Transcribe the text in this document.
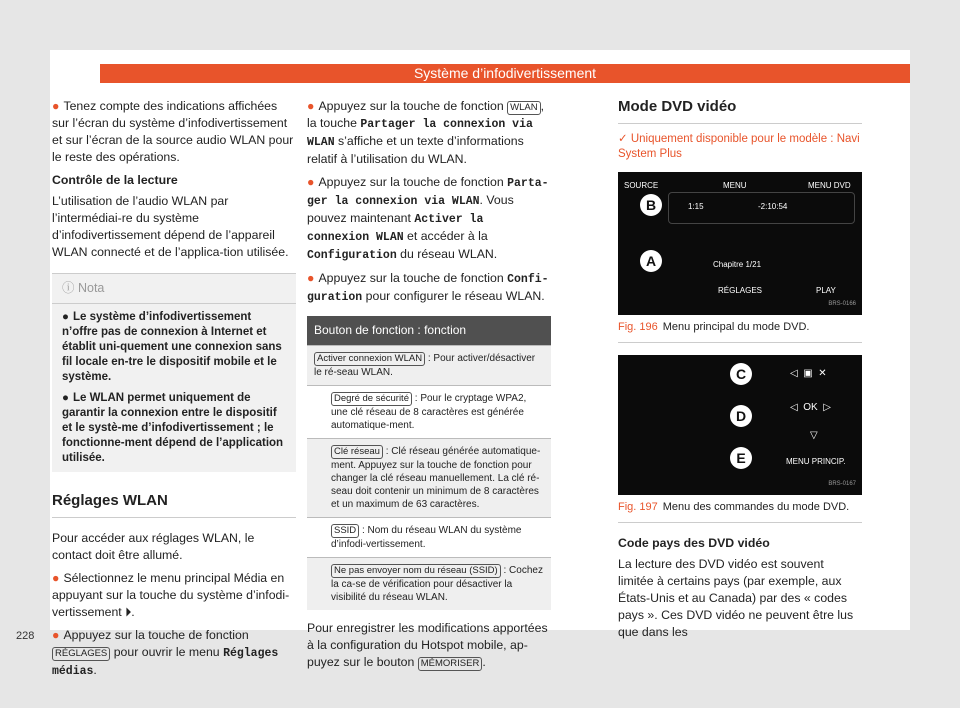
Système d’infodivertissement

● Tenez compte des indications affichées sur l’écran du système d’infodivertissement et sur l’écran de la source audio WLAN pour le reste des opérations.

Contrôle de la lecture

L’utilisation de l’audio WLAN par l’intermédiai-re du système d’infodivertissement dépend de l’appareil WLAN connecté et de l’applica-tion utilisée.

ⓘ Nota
● Le système d’infodivertissement n’offre pas de connexion à Internet et établit uni-quement une connexion sans fil locale en-tre le dispositif mobile et le système.
● Le WLAN permet uniquement de garantir la connexion entre le dispositif et le systè-me d’infodivertissement ; le fonctionne-ment dépend de l’application utilisée.
Réglages WLAN

Pour accéder aux réglages WLAN, le contact doit être allumé.

● Sélectionnez le menu principal Média en appuyant sur la touche du système d’infodi-vertissement ⏵.

● Appuyez sur la touche de fonction RÉGLAGES pour ouvrir le menu Réglages médias.

● Appuyez sur la touche de fonction WLAN , la touche Partager la connexion via WLAN s’affiche et un texte d’informations relatif à l’utilisation du WLAN.

● Appuyez sur la touche de fonction Parta-ger la connexion via WLAN. Vous pouvez maintenant Activer la connexion WLAN et accéder à la Configuration du réseau WLAN.

● Appuyez sur la touche de fonction Confi-guration pour configurer le réseau WLAN.

Bouton de fonction : fonction
Activer connexion WLAN : Pour activer/désactiver le ré-seau WLAN.
Degré de sécurité : Pour le cryptage WPA2, une clé réseau de 8 caractères est générée automatique-ment.
Clé réseau : Clé réseau générée automatique-ment. Appuyez sur la touche de fonction pour changer la clé réseau manuellement. La clé ré-seau doit contenir un minimum de 8 caractères et un maximum de 63 caractères.
SSID : Nom du réseau WLAN du système d’infodi-vertissement.
Ne pas envoyer nom du réseau (SSID) : Cochez la ca-se de vérification pour désactiver la visibilité du réseau WLAN.

Pour enregistrer les modifications apportées à la configuration du Hotspot mobile, ap-puyez sur le bouton MÉMORISER .

Mode DVD vidéo
✓ Uniquement disponible pour le modèle : Navi System Plus
SOURCE	MENU	MENU DVD
1:15	-2:10:54
Chapitre 1/21
RÉGLAGES	PLAY
B
A
BRS-0166
Fig. 196 Menu principal du mode DVD.
◁  ▣  ✕
◁  OK  ▷
▽
MENU PRINCIP.
C
D
E
BRS-0167
Fig. 197 Menu des commandes du mode DVD.
Code pays des DVD vidéo

La lecture des DVD vidéo est souvent limitée à certains pays (par exemple, aux États-Unis et au Canada) par des « codes pays ». Ces DVD vidéo ne peuvent être lus que dans les

228
